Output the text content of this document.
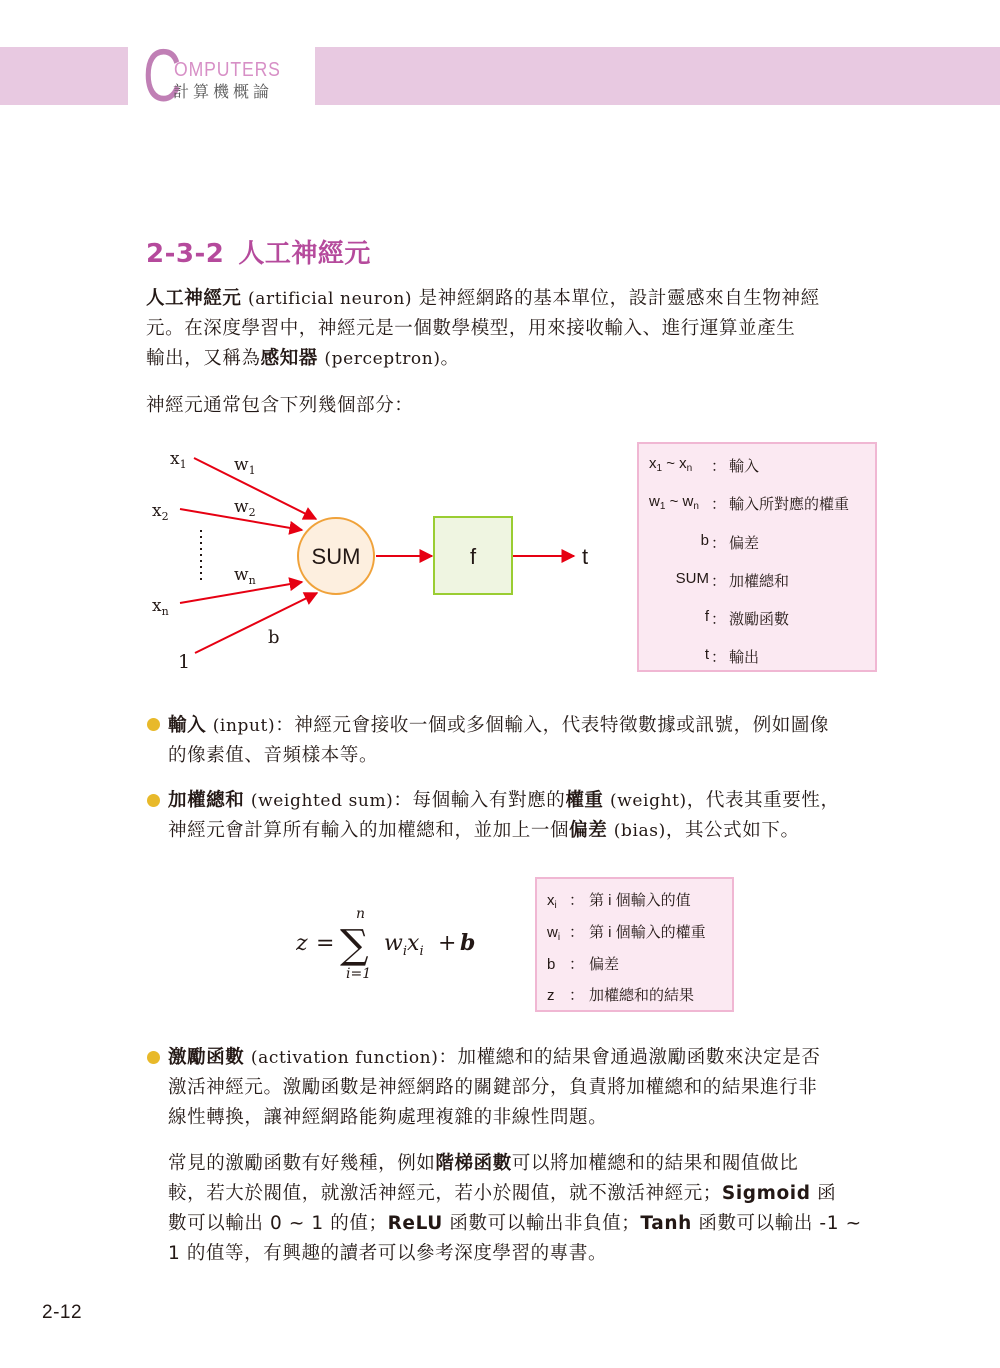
C
OMPUTERS
計算機概論
2-3-2 人工神經元
人工神經元 (artificial neuron) 是神經網路的基本單位，設計靈感來自生物神經
元。在深度學習中，神經元是一個數學模型，用來接收輸入、進行運算並產生
輸出，又稱為感知器 (perceptron)。
神經元通常包含下列幾個部分：
SUM	f	t
$x_1$
$x_2$
$x_n$
1
$w_1$
$w_2$
$w_n$
b
$x_1$ ~ $x_n$	： 輸入
$w_1$ ~ $w_n$ ： 輸入所對應的權重
b ： 偏差
SUM ： 加權總和
f ： 激勵函數
t ： 輸出
輸入 (input)：神經元會接收一個或多個輸入，代表特徵數據或訊號，例如圖像
的像素值、音頻樣本等。
加權總和 (weighted sum)：每個輸入有對應的權重 (weight)，代表其重要性，
神經元會計算所有輸入的加權總和，並加上一個偏差 (bias)，其公式如下。
z = ∑
n
i=1
$w_ix_i + b$
$x_i$ ： 第 i 個輸入的值
$w_i$ ： 第 i 個輸入的權重
b ： 偏差
z ： 加權總和的結果
激勵函數 (activation function)：加權總和的結果會通過激勵函數來決定是否
激活神經元。激勵函數是神經網路的關鍵部分，負責將加權總和的結果進行非
線性轉換，讓神經網路能夠處理複雜的非線性問題。
常見的激勵函數有好幾種，例如階梯函數可以將加權總和的結果和閥值做比
較，若大於閥值，就激活神經元，若小於閥值，就不激活神經元；Sigmoid 函
數可以輸出 0 ~ 1 的值；ReLU 函數可以輸出非負值；Tanh 函數可以輸出 -1 ~
1 的值等，有興趣的讀者可以參考深度學習的專書。
2-12
